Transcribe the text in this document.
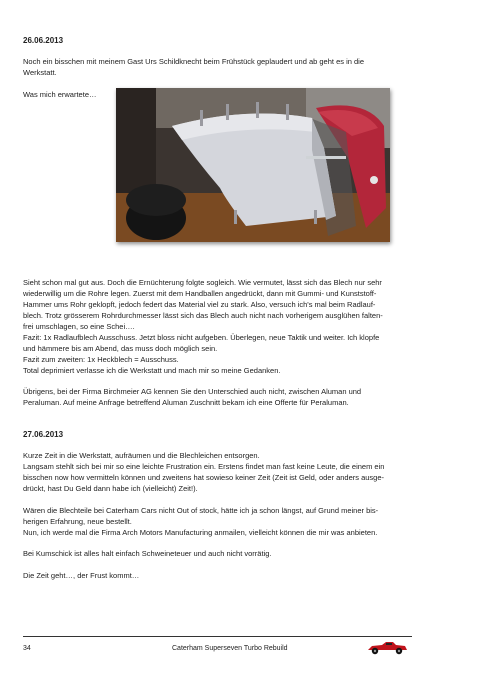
26.06.2013
Noch ein bisschen mit meinem Gast Urs Schildknecht beim Frühstück geplaudert und ab geht es in die
Werkstatt.
Was mich erwartete…
Sieht schon mal gut aus. Doch die Ernüchterung folgte sogleich. Wie vermutet, lässt sich das Blech nur sehr
wiederwillig um die Rohre legen. Zuerst mit dem Handballen angedrückt, dann mit Gummi- und Kunststoff-
Hammer ums Rohr geklopft, jedoch federt das Material viel zu stark. Also, versuch ich's mal beim Radlauf-
blech. Trotz grösserem Rohrdurchmesser lässt sich das Blech auch nicht nach vorherigem ausglühen falten-
frei umschlagen, so eine Schei….
Fazit: 1x Radlaufblech Ausschuss. Jetzt bloss nicht aufgeben. Überlegen, neue Taktik und weiter. Ich klopfe
und hämmere bis am Abend, das muss doch möglich sein.
Fazit zum zweiten: 1x Heckblech = Ausschuss.
Total deprimiert verlasse ich die Werkstatt und mach mir so meine Gedanken.
Übrigens, bei der Firma Birchmeier AG kennen Sie den Unterschied auch nicht, zwischen Aluman und
Peraluman. Auf meine Anfrage betreffend Aluman Zuschnitt bekam ich eine Offerte für Peraluman.
27.06.2013
Kurze Zeit in die Werkstatt, aufräumen und die Blechleichen entsorgen.
Langsam stehlt sich bei mir so eine leichte Frustration ein. Erstens findet man fast keine Leute, die einem ein
bisschen now how vermitteln können und zweitens hat sowieso keiner Zeit (Zeit ist Geld, oder anders ausge-
drückt, hast Du Geld dann habe ich (vielleicht) Zeit!).
Wären die Blechteile bei Caterham Cars nicht Out of stock, hätte ich ja schon längst, auf Grund meiner bis-
herigen Erfahrung, neue bestellt.
Nun, ich werde mal die Firma Arch Motors Manufacturing anmailen, vielleicht können die mir was anbieten.
Bei Kumschick ist alles halt einfach Schweineteuer und auch nicht vorrätig.
Die Zeit geht…, der Frust kommt…
34	Caterham Superseven Turbo Rebuild
